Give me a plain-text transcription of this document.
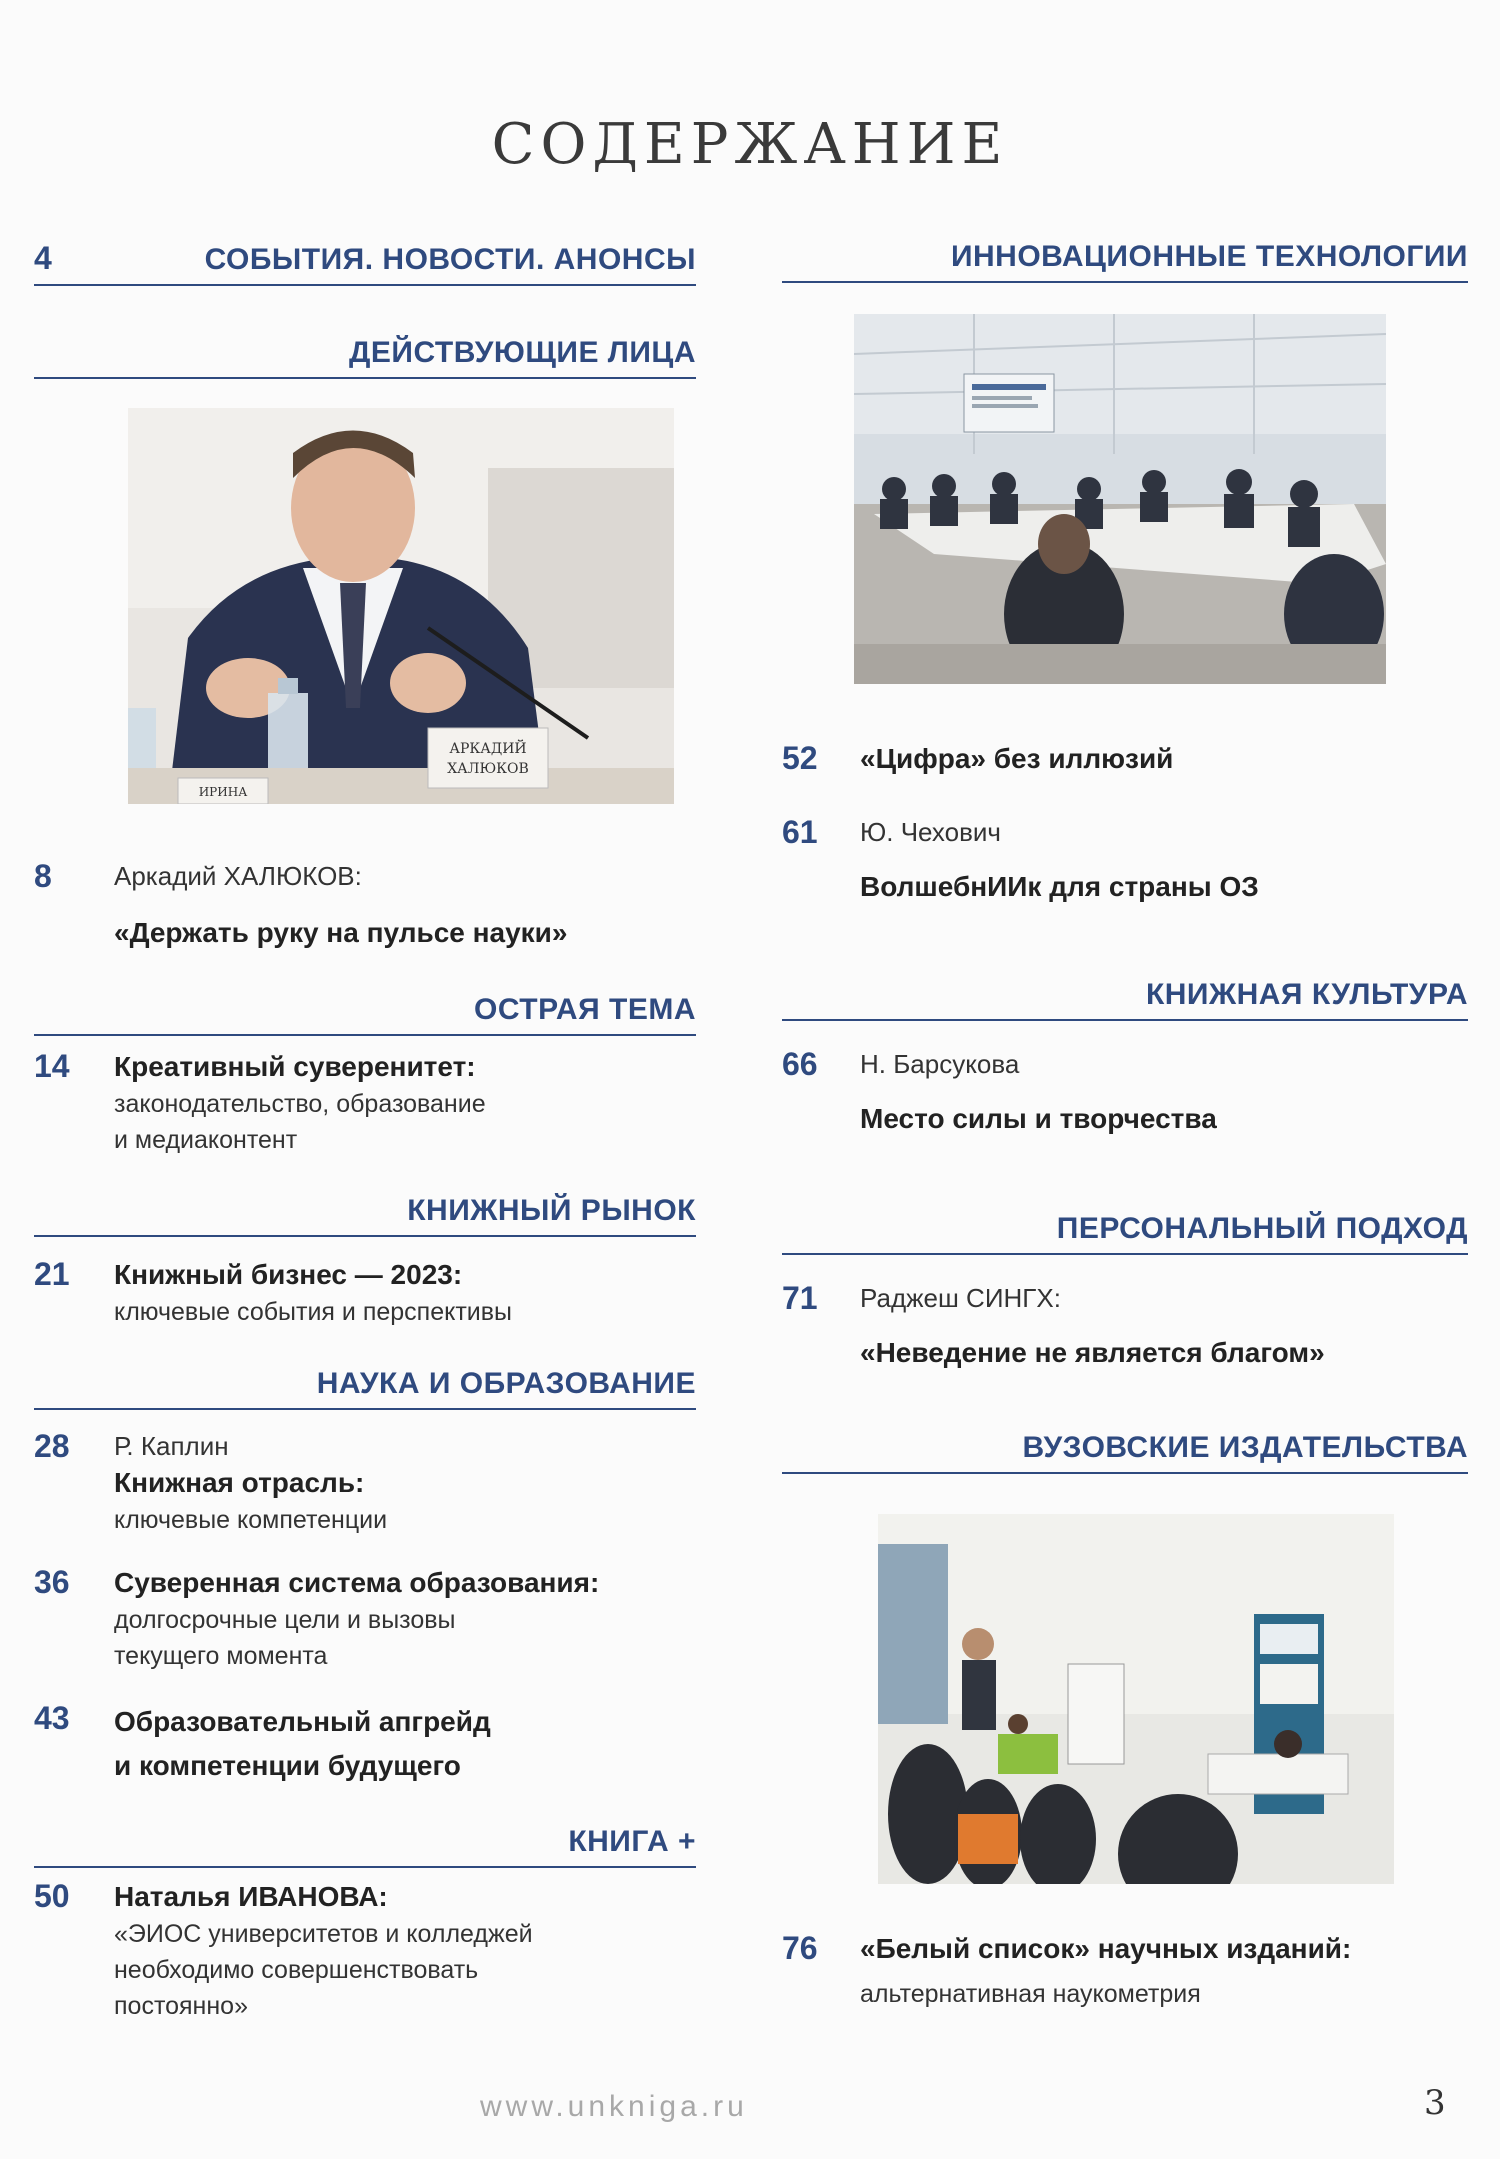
СОДЕРЖАНИЕ
4	СОБЫТИЯ. НОВОСТИ. АНОНСЫ
ДЕЙСТВУЮЩИЕ ЛИЦА
АРКАДИЙ
ХАЛЮКОВ
ИРИНА
8 Аркадий ХАЛЮКОВ:
«Держать руку на пульсе науки»
ОСТРАЯ ТЕМА
14 Креативный суверенитет:
законодательство, образование
и медиаконтент
КНИЖНЫЙ РЫНОК
21 Книжный бизнес — 2023:
ключевые события и перспективы
НАУКА И ОБРАЗОВАНИЕ
28 Р. Каплин
Книжная отрасль:
ключевые компетенции
36 Суверенная система образования:
долгосрочные цели и вызовы
текущего момента
43 Образовательный апгрейд
и компетенции будущего
КНИГА +
50 Наталья ИВАНОВА:
«ЭИОС университетов и колледжей
необходимо совершенствовать
постоянно»
ИННОВАЦИОННЫЕ ТЕХНОЛОГИИ
52 «Цифра» без иллюзий
61 Ю. Чехович
ВолшебнИИк для страны ОЗ
КНИЖНАЯ КУЛЬТУРА
66 Н. Барсукова
Место силы и творчества
ПЕРСОНАЛЬНЫЙ ПОДХОД
71 Раджеш СИНГХ:
«Неведение не является благом»
ВУЗОВСКИЕ ИЗДАТЕЛЬСТВА
76 «Белый список» научных изданий:
альтернативная наукометрия
www.unkniga.ru	3
